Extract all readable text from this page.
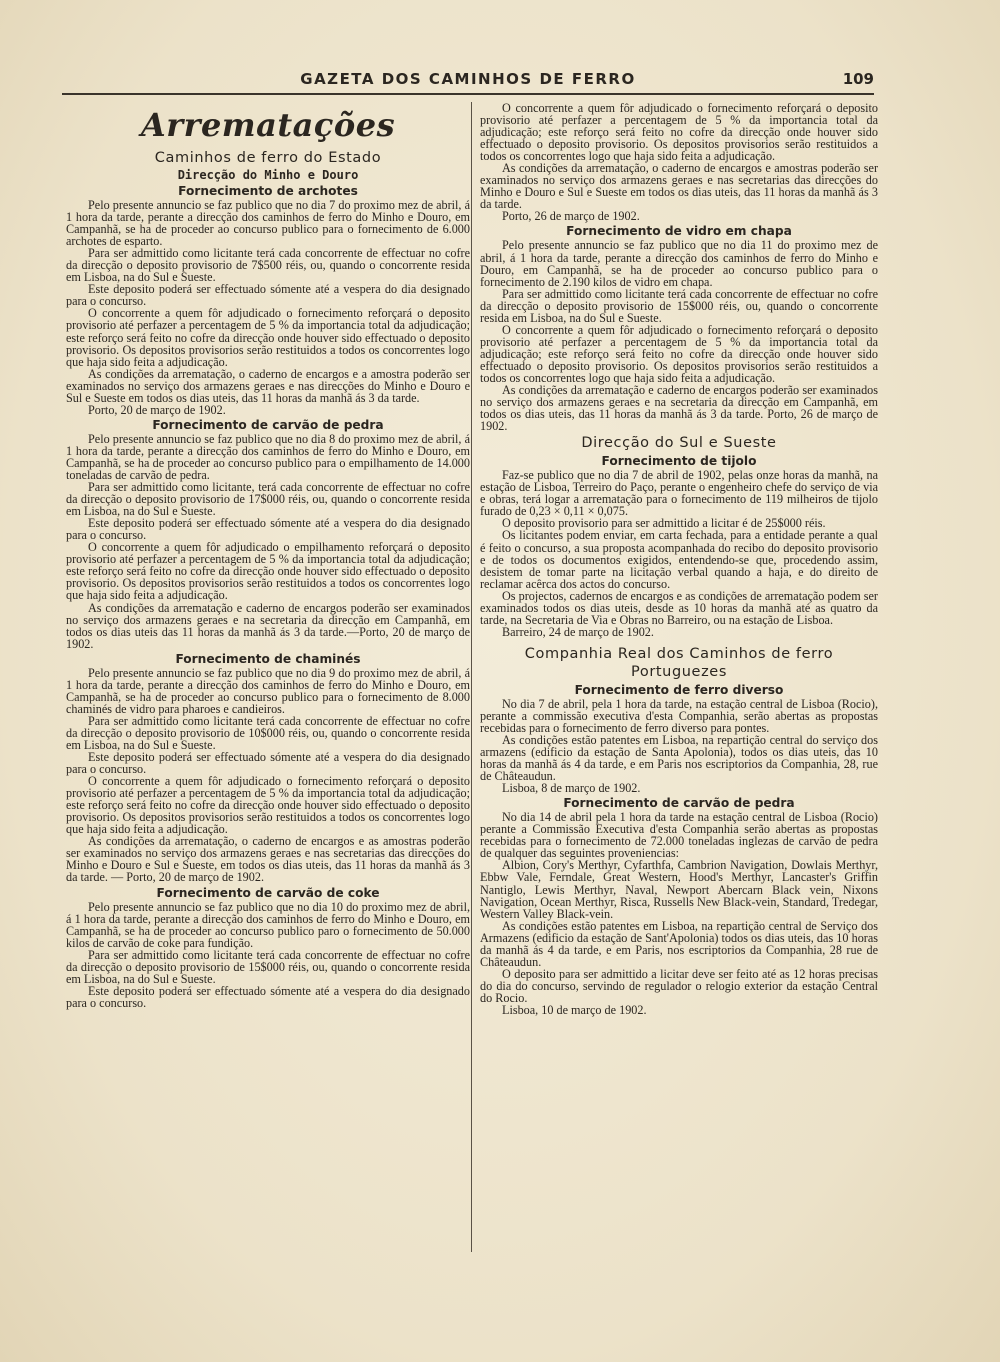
GAZETA DOS CAMINHOS DE FERRO	109
Arrematações
Caminhos de ferro do Estado
Direcção do Minho e Douro
Fornecimento de archotes

Pelo presente annuncio se faz publico que no dia 7 do proximo mez de abril, á 1 hora da tarde, perante a direcção dos caminhos de ferro do Minho e Douro, em Campanhã, se ha de proceder ao concurso publico para o fornecimento de 6.000 archotes de esparto.

Para ser admittido como licitante terá cada concorrente de effectuar no cofre da direcção o deposito provisorio de 7$500 réis, ou, quando o concorrente resida em Lisboa, na do Sul e Sueste.

Este deposito poderá ser effectuado sómente até a vespera do dia designado para o concurso.

O concorrente a quem fôr adjudicado o fornecimento reforçará o deposito provisorio até perfazer a percentagem de 5 % da importancia total da adjudicação; este reforço será feito no cofre da direcção onde houver sido effectuado o deposito provisorio. Os depositos provisorios serão restituidos a todos os concorrentes logo que haja sido feita a adjudicação.

As condições da arrematação, o caderno de encargos e a amostra poderão ser examinados no serviço dos armazens geraes e nas direcções do Minho e Douro e Sul e Sueste em todos os dias uteis, das 11 horas da manhã ás 3 da tarde.

Porto, 20 de março de 1902.

Fornecimento de carvão de pedra

Pelo presente annuncio se faz publico que no dia 8 do proximo mez de abril, á 1 hora da tarde, perante a direcção dos caminhos de ferro do Minho e Douro, em Campanhã, se ha de proceder ao concurso publico para o empilhamento de 14.000 toneladas de carvão de pedra.

Para ser admittido como licitante, terá cada concorrente de effectuar no cofre da direcção o deposito provisorio de 17$000 réis, ou, quando o concorrente resida em Lisboa, na do Sul e Sueste.

Este deposito poderá ser effectuado sómente até a vespera do dia designado para o concurso.

O concorrente a quem fôr adjudicado o empilhamento reforçará o deposito provisorio até perfazer a percentagem de 5 % da importancia total da adjudicação; este reforço será feito no cofre da direcção onde houver sido effectuado o deposito provisorio. Os depositos provisorios serão restituidos a todos os concorrentes logo que haja sido feita a adjudicação.

As condições da arrematação e caderno de encargos poderão ser examinados no serviço dos armazens geraes e na secretaria da direcção em Campanhã, em todos os dias uteis das 11 horas da manhã ás 3 da tarde.—Porto, 20 de março de 1902.

Fornecimento de chaminés

Pelo presente annuncio se faz publico que no dia 9 do proximo mez de abril, á 1 hora da tarde, perante a direcção dos caminhos de ferro do Minho e Douro, em Campanhã, se ha de proceder ao concurso publico para o fornecimento de 8.000 chaminés de vidro para pharoes e candieiros.

Para ser admittido como licitante terá cada concorrente de effectuar no cofre da direcção o deposito provisorio de 10$000 réis, ou, quando o concorrente resida em Lisboa, na do Sul e Sueste.

Este deposito poderá ser effectuado sómente até a vespera do dia designado para o concurso.

O concorrente a quem fôr adjudicado o fornecimento reforçará o deposito provisorio até perfazer a percentagem de 5 % da importancia total da adjudicação; este reforço será feito no cofre da direcção onde houver sido effectuado o deposito provisorio. Os depositos provisorios serão restituidos a todos os concorrentes logo que haja sido feita a adjudicação.

As condições da arrematação, o caderno de encargos e as amostras poderão ser examinados no serviço dos armazens geraes e nas secretarias das direcções do Minho e Douro e Sul e Sueste, em todos os dias uteis, das 11 horas da manhã ás 3 da tarde. — Porto, 20 de março de 1902.

Fornecimento de carvão de coke

Pelo presente annuncio se faz publico que no dia 10 do proximo mez de abril, á 1 hora da tarde, perante a direcção dos caminhos de ferro do Minho e Douro, em Campanhã, se ha de proceder ao concurso publico paro o fornecimento de 50.000 kilos de carvão de coke para fundição.

Para ser admittido como licitante terá cada concorrente de effectuar no cofre da direcção o deposito provisorio de 15$000 réis, ou, quando o concorrente resida em Lisboa, na do Sul e Sueste.

Este deposito poderá ser effectuado sómente até a vespera do dia designado para o concurso.

O concorrente a quem fôr adjudicado o fornecimento reforçará o deposito provisorio até perfazer a percentagem de 5 % da importancia total da adjudicação; este reforço será feito no cofre da direcção onde houver sido effectuado o deposito provisorio. Os depositos provisorios serão restituidos a todos os concorrentes logo que haja sido feita a adjudicação.

As condições da arrematação, o caderno de encargos e amostras poderão ser examinados no serviço dos armazens geraes e nas secretarias das direcções do Minho e Douro e Sul e Sueste em todos os dias uteis, das 11 horas da manhã ás 3 da tarde.

Porto, 26 de março de 1902.

Fornecimento de vidro em chapa

Pelo presente annuncio se faz publico que no dia 11 do proximo mez de abril, á 1 hora da tarde, perante a direcção dos caminhos de ferro do Minho e Douro, em Campanhã, se ha de proceder ao concurso publico para o fornecimento de 2.190 kilos de vidro em chapa.

Para ser admittido como licitante terá cada concorrente de effectuar no cofre da direcção o deposito provisorio de 15$000 réis, ou, quando o concorrente resida em Lisboa, na do Sul e Sueste.

O concorrente a quem fôr adjudicado o fornecimento reforçará o deposito provisorio até perfazer a percentagem de 5 % da importancia total da adjudicação; este reforço será feito no cofre da direcção onde houver sido effectuado o deposito provisorio. Os depositos provisorios serão restituidos a todos os concorrentes logo que haja sido feita a adjudicação.

As condições da arrematação e caderno de encargos poderão ser examinados no serviço dos armazens geraes e na secretaria da direcção em Campanhã, em todos os dias uteis, das 11 horas da manhã ás 3 da tarde. Porto, 26 de março de 1902.

Direcção do Sul e Sueste
Fornecimento de tijolo

Faz-se publico que no dia 7 de abril de 1902, pelas onze horas da manhã, na estação de Lisboa, Terreiro do Paço, perante o engenheiro chefe do serviço de via e obras, terá logar a arrematação para o fornecimento de 119 milheiros de tijolo furado de 0,23 × 0,11 × 0,075.

O deposito provisorio para ser admittido a licitar é de 25$000 réis.

Os licitantes podem enviar, em carta fechada, para a entidade perante a qual é feito o concurso, a sua proposta acompanhada do recibo do deposito provisorio e de todos os documentos exigidos, entendendo-se que, procedendo assim, desistem de tomar parte na licitação verbal quando a haja, e do direito de reclamar acêrca dos actos do concurso.

Os projectos, cadernos de encargos e as condições de arrematação podem ser examinados todos os dias uteis, desde as 10 horas da manhã até as quatro da tarde, na Secretaria de Via e Obras no Barreiro, ou na estação de Lisboa.

Barreiro, 24 de março de 1902.

Companhia Real dos Caminhos de ferro
Portuguezes
Fornecimento de ferro diverso

No dia 7 de abril, pela 1 hora da tarde, na estação central de Lisboa (Rocio), perante a commissão executiva d'esta Companhia, serão abertas as propostas recebidas para o fornecimento de ferro diverso para pontes.

As condições estão patentes em Lisboa, na repartição central do serviço dos armazens (edificio da estação de Santa Apolonia), todos os dias uteis, das 10 horas da manhã ás 4 da tarde, e em Paris nos escriptorios da Companhia, 28, rue de Châteaudun.

Lisboa, 8 de março de 1902.

Fornecimento de carvão de pedra

No dia 14 de abril pela 1 hora da tarde na estação central de Lisboa (Rocio) perante a Commissão Executiva d'esta Companhia serão abertas as propostas recebidas para o fornecimento de 72.000 toneladas inglezas de carvão de pedra de qualquer das seguintes proveniencias:

Albion, Cory's Merthyr, Cyfarthfa, Cambrion Navigation, Dowlais Merthyr, Ebbw Vale, Ferndale, Great Western, Hood's Merthyr, Lancaster's Griffin Nantiglo, Lewis Merthyr, Naval, Newport Abercarn Black vein, Nixons Navigation, Ocean Merthyr, Risca, Russells New Black-vein, Standard, Tredegar, Western Valley Black-vein.

As condições estão patentes em Lisboa, na repartição central de Serviço dos Armazens (edificio da estação de Sant'Apolonia) todos os dias uteis, das 10 horas da manhã ás 4 da tarde, e em Paris, nos escriptorios da Companhia, 28 rue de Châteaudun.

O deposito para ser admittido a licitar deve ser feito até as 12 horas precisas do dia do concurso, servindo de regulador o relogio exterior da estação Central do Rocio.

Lisboa, 10 de março de 1902.
